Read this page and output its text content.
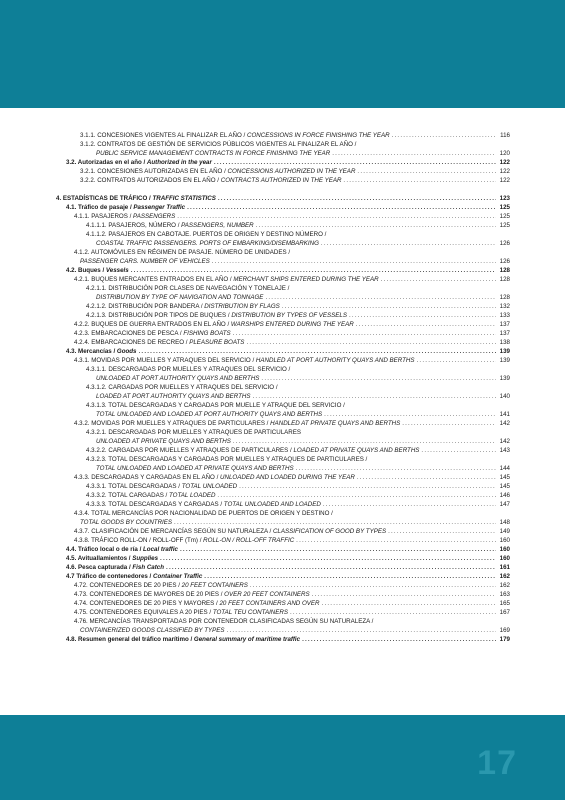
3.1.1. CONCESIONES VIGENTES AL FINALIZAR EL AÑO / CONCESSIONS IN FORCE FINISHING THE YEAR .....	116
3.1.2. CONTRATOS DE GESTIÓN DE SERVICIOS PÚBLICOS VIGENTES AL FINALIZAR EL AÑO /
PUBLIC SERVICE MANAGEMENT CONTRACTS IN FORCE FINISHING THE YEAR .....	120
3.2. Autorizadas en el año / Authorized in the year .....	122
3.2.1. CONCESIONES AUTORIZADAS EN EL AÑO / CONCESSIONS AUTHORIZED IN THE YEAR .....	122
3.2.2. CONTRATOS AUTORIZADOS EN EL AÑO / CONTRACTS AUTHORIZED IN THE YEAR .....	122
4. ESTADÍSTICAS DE TRÁFICO / TRAFFIC STATISTICS .....	123
4.1. Tráfico de pasaje / Passenger Traffic .....	125
4.1.1. PASAJEROS / PASSENGERS .....	125
4.1.1.1. PASAJEROS, NÚMERO / PASSENGERS, NUMBER .....	125
4.1.1.2. PASAJEROS EN CABOTAJE. PUERTOS DE ORIGEN Y DESTINO NÚMERO /
COASTAL TRAFFIC PASSENGERS. PORTS OF EMBARKING/DISEMBARKING .....	126
4.1.2. AUTOMÓVILES EN RÉGIMEN DE PASAJE. NÚMERO DE UNIDADES /
PASSENGER CARS. NUMBER OF VEHICLES .....	126
4.2. Buques / Vessels .....	128
4.2.1. BUQUES MERCANTES ENTRADOS EN EL AÑO / MERCHANT SHIPS ENTERED DURING THE YEAR .....	128
4.2.1.1. DISTRIBUCIÓN POR CLASES DE NAVEGACIÓN Y TONELAJE /
DISTRIBUTION BY TYPE OF NAVIGATION AND TONNAGE .....	128
4.2.1.2. DISTRIBUCIÓN POR BANDERA / DISTRIBUTION BY FLAGS .....	132
4.2.1.3. DISTRIBUCIÓN POR TIPOS DE BUQUES / DISTRIBUTION BY TYPES OF VESSELS .....	133
4.2.2. BUQUES DE GUERRA ENTRADOS EN EL AÑO / WARSHIPS ENTERED DURING THE YEAR .....	137
4.2.3. EMBARCACIONES DE PESCA / FISHING BOATS .....	137
4.2.4. EMBARCACIONES DE RECREO / PLEASURE BOATS .....	138
4.3. Mercancías / Goods .....	139
4.3.1. MOVIDAS POR MUELLES Y ATRAQUES DEL SERVICIO / HANDLED AT PORT AUTHORITY QUAYS AND BERTHS .....	139
4.3.1.1. DESCARGADAS POR MUELLES Y ATRAQUES DEL SERVICIO /
UNLOADED AT PORT AUTHORITY QUAYS AND BERTHS .....	139
4.3.1.2. CARGADAS POR MUELLES Y ATRAQUES DEL SERVICIO /
LOADED AT PORT AUTHORITY QUAYS AND BERTHS .....	140
4.3.1.3. TOTAL DESCARGADAS Y CARGADAS POR MUELLE Y ATRAQUE DEL SERVICIO /
TOTAL UNLOADED AND LOADED AT PORT AUTHORITY QUAYS AND BERTHS .....	141
4.3.2. MOVIDAS POR MUELLES Y ATRAQUES DE PARTICULARES / HANDLED AT PRIVATE QUAYS AND BERTHS .....	142
4.3.2.1. DESCARGADAS POR MUELLES Y ATRAQUES DE PARTICULARES
UNLOADED AT PRIVATE QUAYS AND BERTHS .....	142
4.3.2.2. CARGADAS POR MUELLES Y ATRAQUES DE PARTICULARES / LOADED AT PRIVATE QUAYS AND BERTHS .....	143
4.3.2.3. TOTAL DESCARGADAS Y CARGADAS POR MUELLES Y ATRAQUES DE PARTICULARES /
TOTAL UNLOADED AND LOADED AT PRIVATE QUAYS AND BERTHS .....	144
4.3.3. DESCARGADAS Y CARGADAS EN EL AÑO / UNLOADED AND LOADED DURING THE YEAR .....	145
4.3.3.1. TOTAL DESCARGADAS / TOTAL UNLOADED .....	145
4.3.3.2. TOTAL CARGADAS / TOTAL LOADED .....	146
4.3.3.3. TOTAL DESCARGADAS Y CARGADAS / TOTAL UNLOADED AND LOADED .....	147
4.3.4. TOTAL MERCANCÍAS POR NACIONALIDAD DE PUERTOS DE ORIGEN Y DESTINO /
TOTAL GOODS BY COUNTRIES .....	148
4.3.7. CLASIFICACIÓN DE MERCANCÍAS SEGÚN SU NATURALEZA / CLASSIFICATION OF GOOD BY TYPES .....	149
4.3.8. TRÁFICO ROLL-ON / ROLL-OFF (Tm) / ROLL-ON / ROLL-OFF TRAFFIC .....	160
4.4. Tráfico local o de ría / Local traffic .....	160
4.5. Avituallamientos / Supplies .....	160
4.6. Pesca capturada / Fish Catch .....	161
4.7 Tráfico de contenedores / Container Traffic .....	162
4.72. CONTENEDORES DE 20 PIES / 20 FEET CONTAINERS .....	162
4.73. CONTENEDORES DE MAYORES DE 20 PIES / OVER 20 FEET CONTAINERS .....	163
4.74. CONTENEDORES DE 20 PIES Y MAYORES / 20 FEET CONTAINERS AND OVER .....	165
4.75. CONTENEDORES EQUIVALES A 20 PIES / TOTAL TEU CONTAINERS .....	167
4.76. MERCANCÍAS TRANSPORTADAS POR CONTENEDOR CLASIFICADAS SEGÚN SU NATURALEZA /
CONTAINERIZED GOODS CLASSIFIED BY TYPES .....	169
4.8. Resumen general del tráfico marítimo / General summary of maritime traffic .....	179
17
